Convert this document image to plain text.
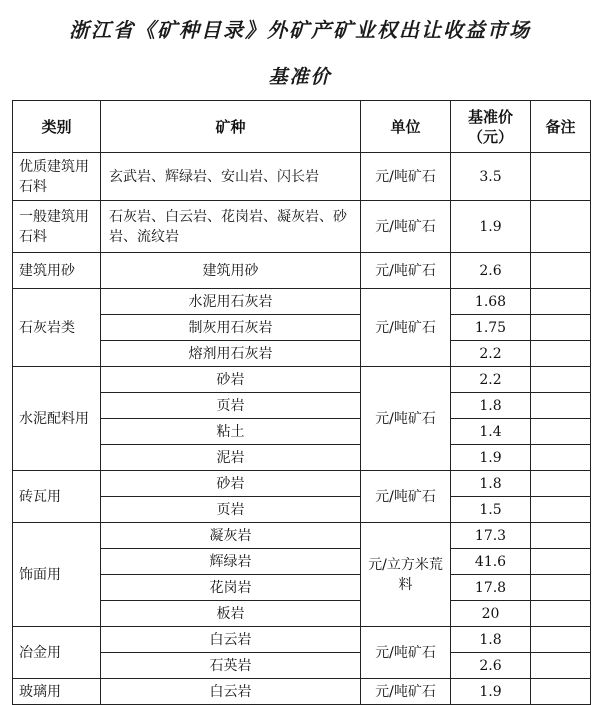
浙江省《矿种目录》外矿产矿业权出让收益市场
基准价
类别	矿种	单位	基准价（元）	备注
优质建筑用石料	玄武岩、辉绿岩、安山岩、闪长岩	元/吨矿石	3.5	
一般建筑用石料	石灰岩、白云岩、花岗岩、凝灰岩、砂岩、流纹岩	元/吨矿石	1.9	
建筑用砂	建筑用砂	元/吨矿石	2.6	
石灰岩类	水泥用石灰岩	元/吨矿石	1.68	
	制灰用石灰岩		1.75	
	熔剂用石灰岩		2.2	
水泥配料用	砂岩	元/吨矿石	2.2	
	页岩		1.8	
	粘土		1.4	
	泥岩		1.9	
砖瓦用	砂岩	元/吨矿石	1.8	
	页岩		1.5	
饰面用	凝灰岩	元/立方米荒料	17.3	
	辉绿岩		41.6	
	花岗岩		17.8	
	板岩		20	
冶金用	白云岩	元/吨矿石	1.8	
	石英岩		2.6	
玻璃用	白云岩	元/吨矿石	1.9	
